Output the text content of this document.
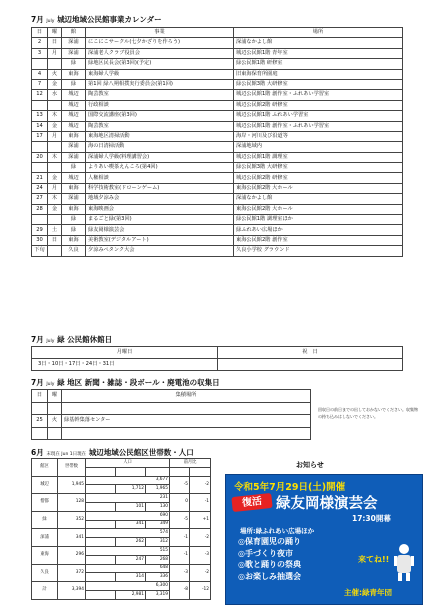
7月 July 城辺地域公民館事業カレンダー
日	曜	館	事業	場所
2	日	深浦	にこにこサークル(七夕かざりを作ろう)	深浦なかよし館
3	月	深浦	深浦老人クラブ役員会	城辺公民館1階 青年室
		緑	緑地区民長会(第3回)(予定)	緑公民館1階 研修室
4	火	東海	東海婦人学級	旧東海保育所園庭
7	金	緑	第1回 緑八朔相撲実行委員会(第1回)	緑公民館3階 大研修室
12	水	城辺	陶芸教室	城辺公民館1階 創作室・ふれあい学習室
		城辺	行政相談	城辺公民館2階 研修室
13	木	城辺	国際交流講座(第3回)	城辺公民館1階 ふれあい学習室
14	金	城辺	陶芸教室	城辺公民館1階 創作室・ふれあい学習室
17	月	東海	東海地区清掃活動	海岸・河川及び沿道等
		深浦	海の日清掃活動	深浦地域内
20	木	深浦	深浦婦人学級(料理講習会)	城辺公民館1階 調理室
		緑	よりあい喫茶えんころ(第4回)	緑公民館3階 大研修室
21	金	城辺	人権相談	城辺公民館2階 研修室
24	月	東海	科学技術教室(ドローンゲーム)	東海公民館2階 大ホール
27	木	深浦	地域夕涼み会	深浦なかよし館
28	金	東海	東海映画会	東海公民館2階 大ホール
		緑	まるごと緑(第3回)	緑公民館1階 調理室ほか
29	土	緑	緑友岡様演芸会	緑ふれあい広場ほか
30	日	東海	美術教室(デジタルアート)	東海公民館2階 創作室
下旬		久良	夕涼みペタンク大会	久良小学校 グラウンド
7月 July 緑 公民館休館日
月曜日	祝　日
3日・10日・17日・24日・31日	
7月 July 緑 地区 新聞・雑誌・段ボール・廃電池の収集日
日	曜	集積場所

25	火	緑基幹集落センター

回収日の前日までの出しておかないでください。収集物の持ち込みはしないでください。
6月 末現在 Jun 1日現在 城辺地域公民館区世帯数・人口
館区	世帯数	人口			前月比	

城辺	1,945	3,677			-5	-2
			1,712	1,965		
僧都	128	231			0	-1
			101	130		
緑	352	690			-5	+1
			341	349		
深浦	341	574			-1	-2
			262	312		
東海	296	515			-1	-3
			247	268		
久良	372	648			-3	-2
			314	336		
計	3,394	6,300			-8	-12
			2,981	3,319		
お知らせ
令和5年7月29日(土)開催
復活 緑友岡様演芸会
17:30開幕
場所:緑ふれあい広場ほか
◎保育園児の踊り
◎手づくり夜市
◎歌と踊りの祭典
◎お楽しみ抽選会
来てね!!
主催:緑青年団
